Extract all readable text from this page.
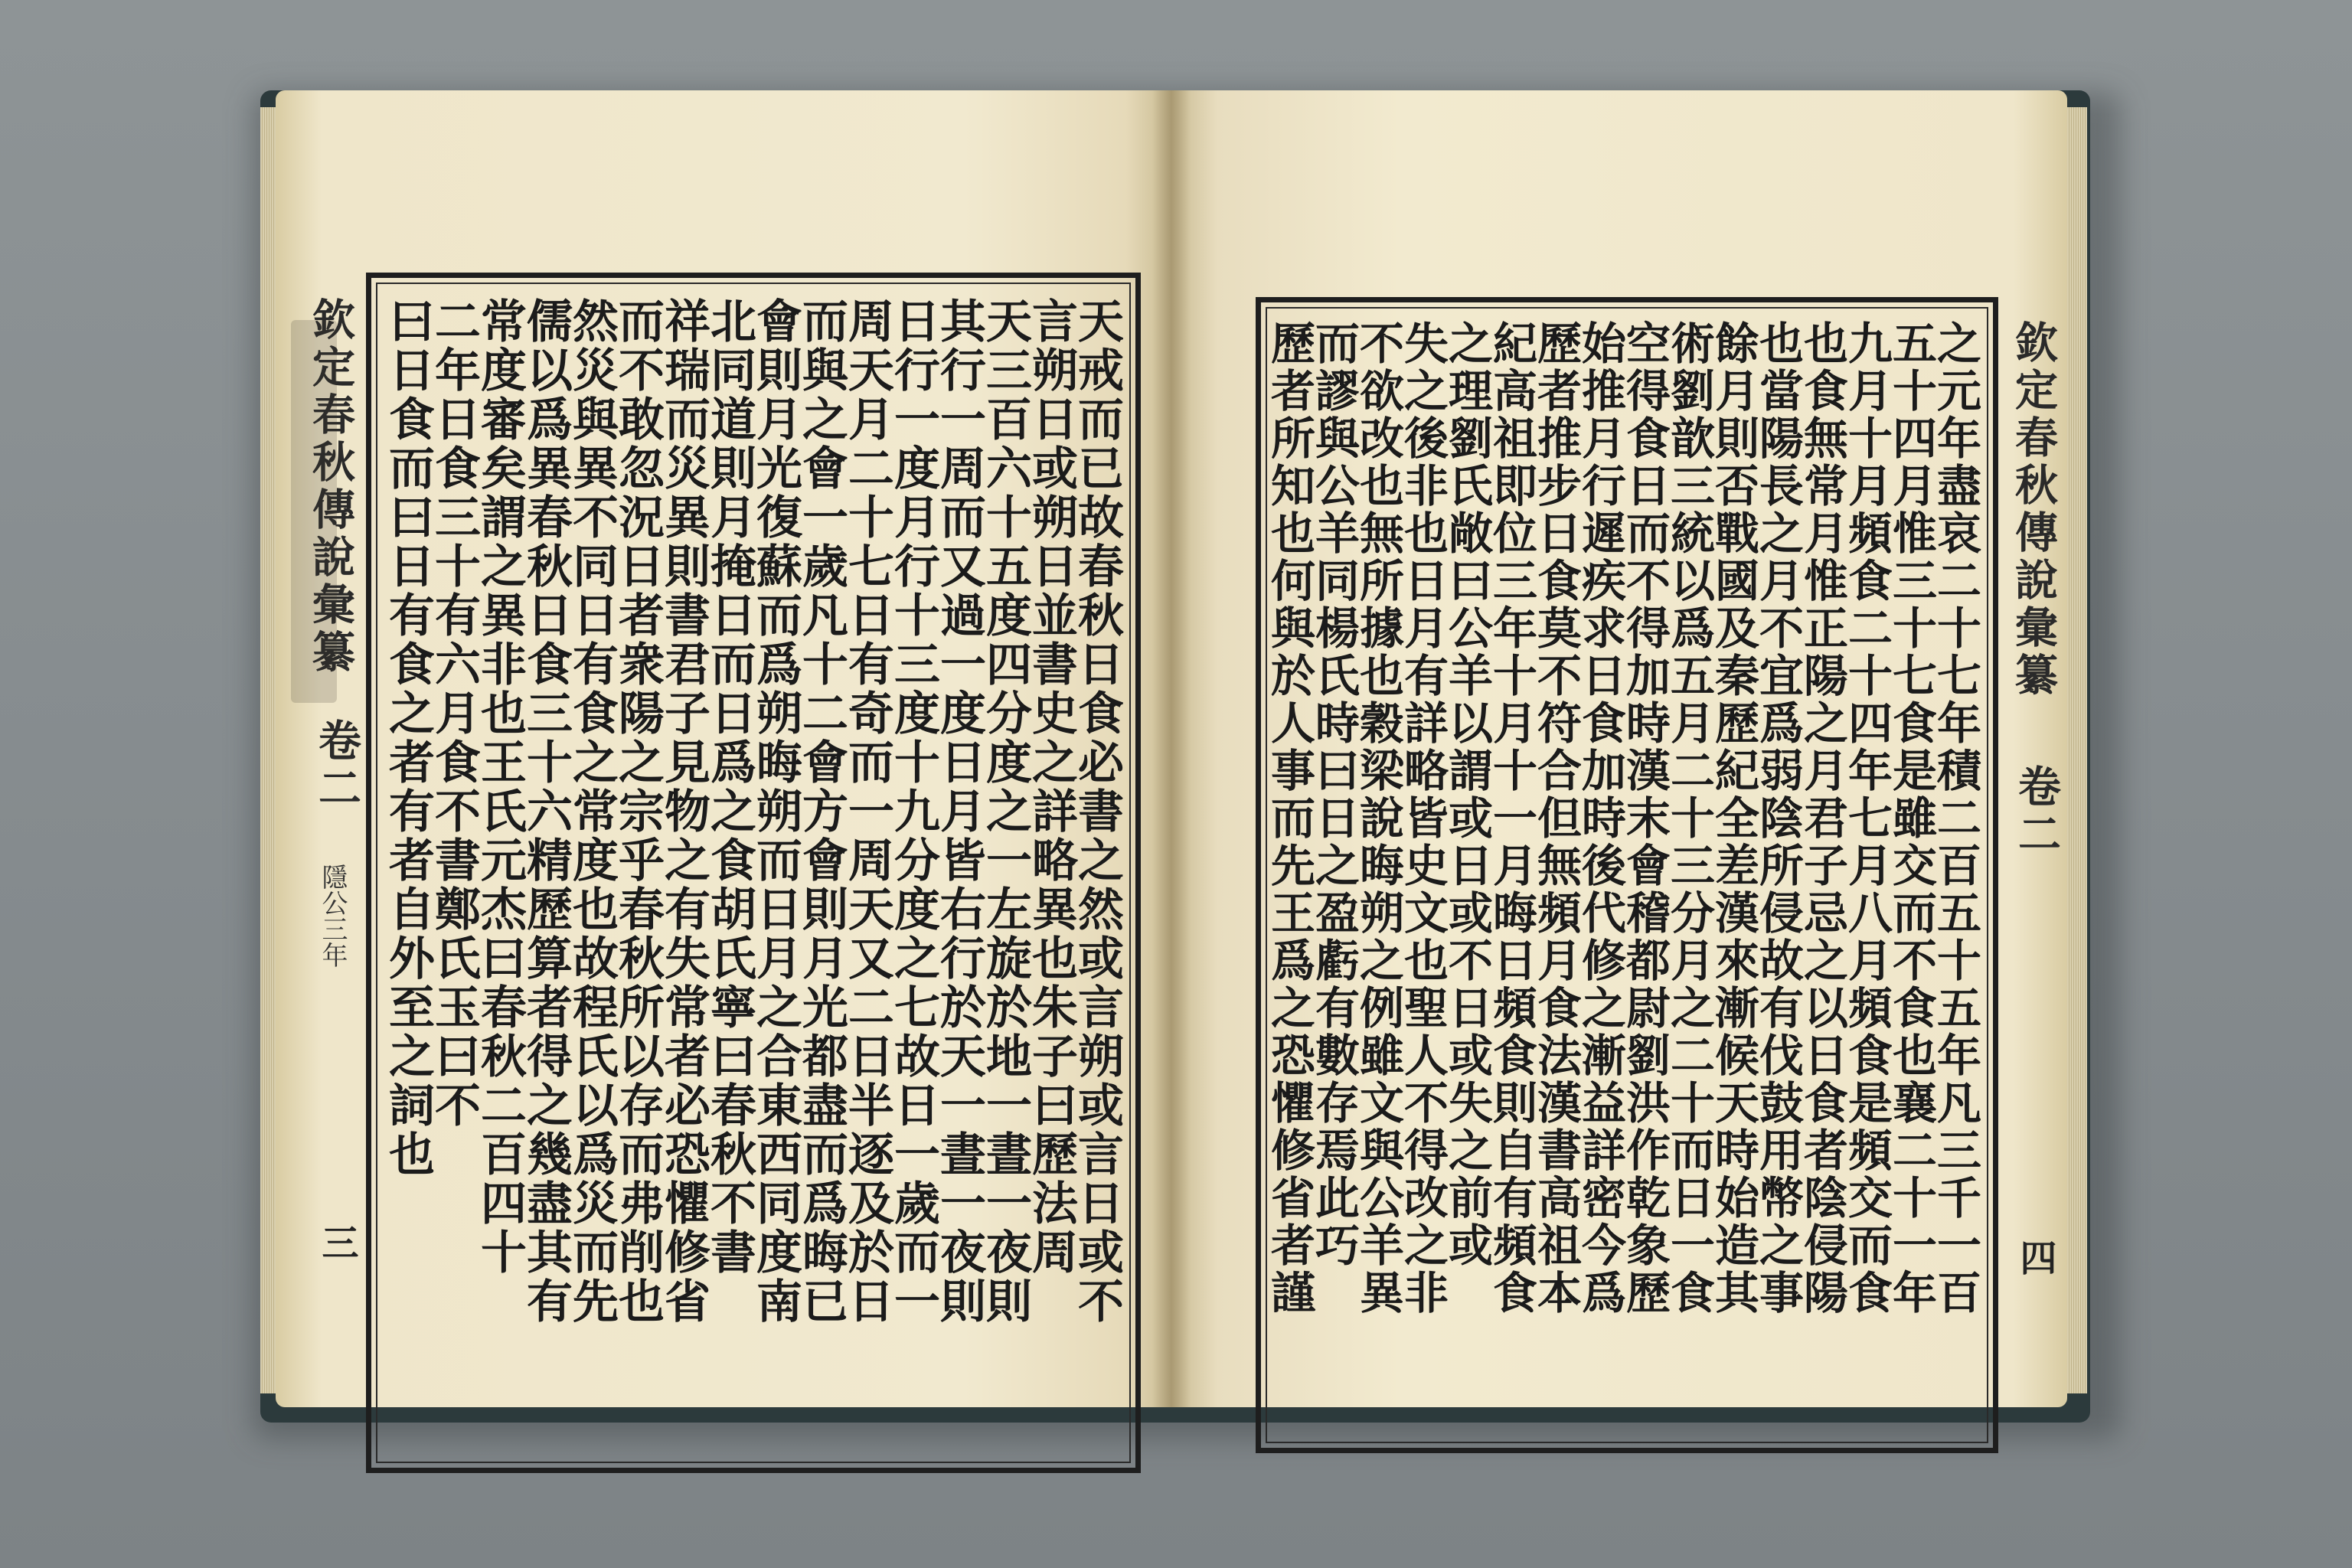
欽定春秋傳說彙纂
卷二
隱公三年
三	天戒而已故春秋日食必書之然或言朔或言日或不
言朔日或朔日並書史之詳略異也朱子曰歷法周
天三百六十五度四分度之一左旋於地一晝一夜則
其行一周而又過一度日月皆右行於天一晝一夜則
日行一度月行十三度十九分度之七故日一歲而一
周天月二十七日有奇而一周天又二日半逐及於日
而與之會一歲凡十二會方會則月光都盡而爲晦已
會則月光復蘇而爲朔晦朔而日月之合東西同度南
北同道則月掩日而日爲之食胡氏寧曰春秋不書
祥瑞而災異則書君子見物之有失常者必恐懼修省
而不敢忽況日者衆陽之宗乎春秋所以存而弗削也
然災與異不同日有食之常度也故程氏以爲災而先
儒以爲異春秋日食三十六精歷算者得之幾盡其有
常度審矣謂之異非也王氏元杰曰春秋二百四十
二年日食三十有六月食不書鄭氏玉曰不
曰日食而曰日有食之者有者自外至之詞也	之元年盡哀二十七年積二百五十五年凡三千一百
五十四月惟三十七食是雖交而不食也襄二十一年
九月十月頻食二十四年七月八月頻食是頻交而食
也食無常月惟正陽之月君子忌之以日食者陰侵陽
也當陽長之月不宜爲弱陰所侵故有伐鼓用幣之事
餘月則否戰國及秦歷紀全差漢來漸候天時始造其
術劉歆三統以爲五月二十三分月之二十而日一食
空得食日而不得加時漢末會稽都尉劉洪作乾象歷
始推月行遲疾求日食加時後代修之漸益詳密今爲
歷者推步日食莫不符合但無頻月食法漢書高祖本
紀高祖即位三年十月十一月晦日頻食則自有頻食
之理劉氏敞曰公羊以謂或日或不日或失之前或
失之後非也日月有詳略皆史文也聖人不得改之非
不欲改也無所據也穀梁說晦朔之例雖文與公羊異
而謬與公羊同楊氏時曰日之盈虧有數存焉此巧
歷者所知也何與於人事而先王爲之恐懼修省者謹	欽定春秋傳說彙纂
卷二
四
